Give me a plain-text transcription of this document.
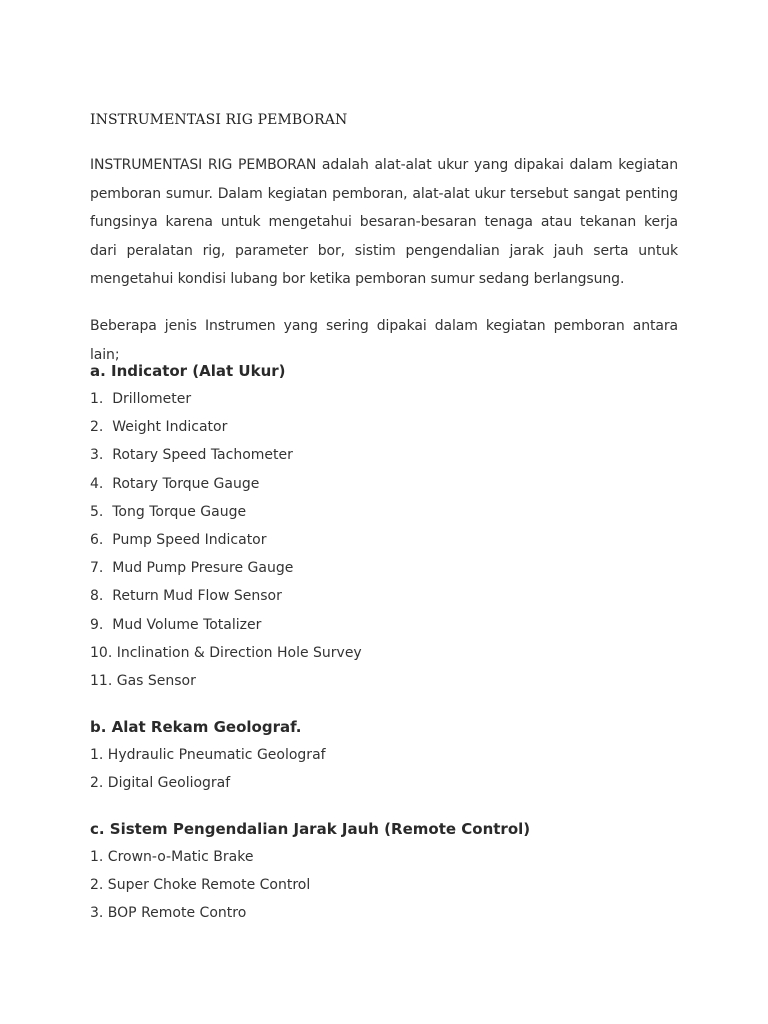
INSTRUMENTASI RIG PEMBORAN
INSTRUMENTASI RIG PEMBORAN adalah alat-alat ukur yang dipakai dalam kegiatan pemboran sumur. Dalam kegiatan pemboran, alat-alat ukur tersebut sangat penting fungsinya karena untuk mengetahui besaran-besaran tenaga atau tekanan kerja dari peralatan rig, parameter bor, sistim pengendalian jarak jauh serta untuk mengetahui kondisi lubang bor ketika pemboran sumur sedang berlangsung.
Beberapa jenis Instrumen yang sering dipakai dalam kegiatan pemboran antara lain;
a. Indicator (Alat Ukur)
1.  Drillometer
2.  Weight Indicator
3.  Rotary Speed Tachometer
4.  Rotary Torque Gauge
5.  Tong Torque Gauge
6.  Pump Speed Indicator
7.  Mud Pump Presure Gauge
8.  Return Mud Flow Sensor
9.  Mud Volume Totalizer
10. Inclination & Direction Hole Survey
11. Gas Sensor
b. Alat Rekam Geolograf.
1. Hydraulic Pneumatic Geolograf
2. Digital Geoliograf
c. Sistem Pengendalian Jarak Jauh (Remote Control)
1. Crown-o-Matic Brake
2. Super Choke Remote Control
3. BOP Remote Contro
